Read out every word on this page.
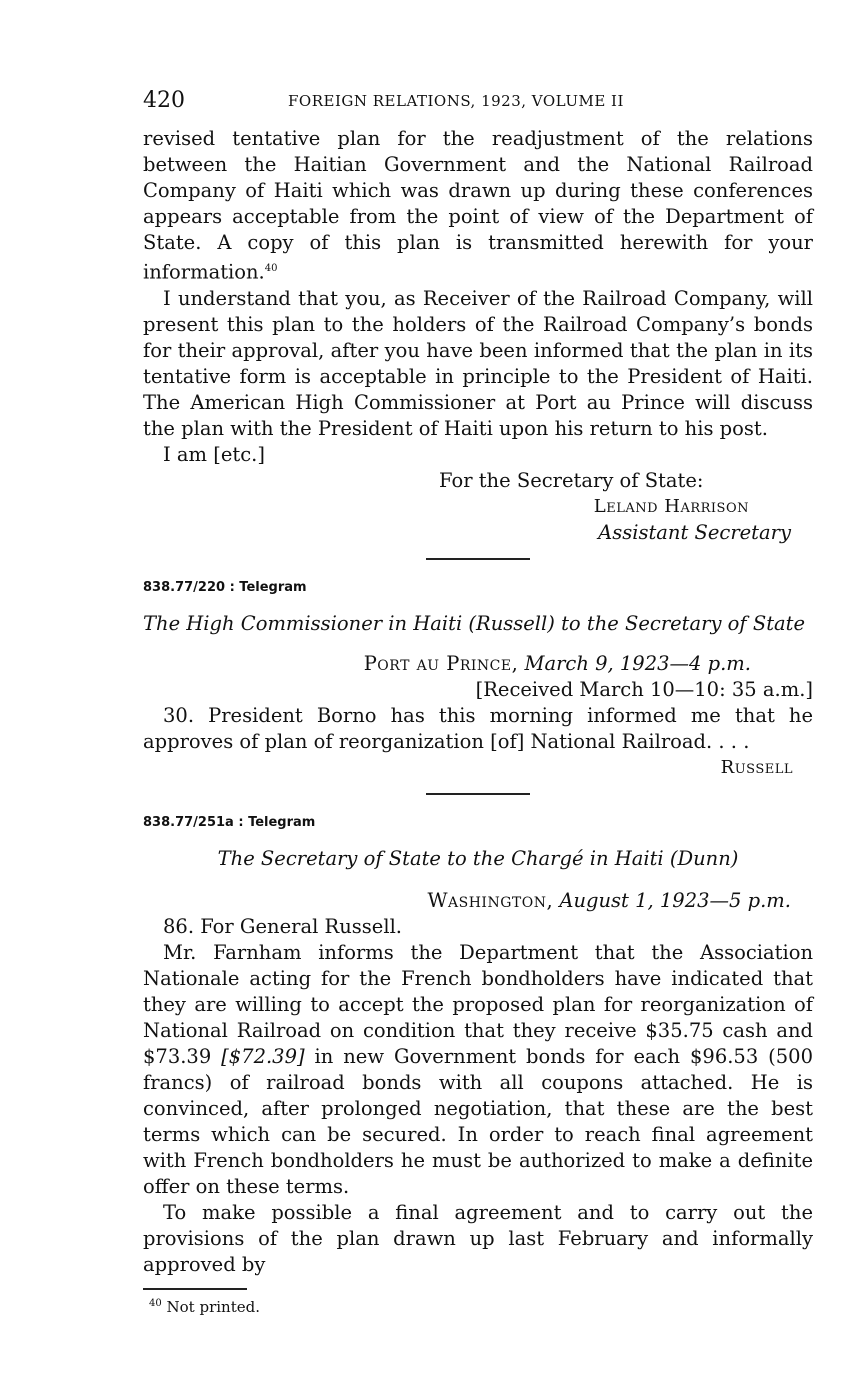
420	FOREIGN RELATIONS, 1923, VOLUME II

revised tentative plan for the readjustment of the relations between the Haitian Government and the National Railroad Company of Haiti which was drawn up during these conferences appears acceptable from the point of view of the Department of State. A copy of this plan is transmitted herewith for your information.$^{40}$

I understand that you, as Receiver of the Railroad Company, will present this plan to the holders of the Railroad Company’s bonds for their approval, after you have been informed that the plan in its tentative form is acceptable in principle to the President of Haiti. The American High Commissioner at Port au Prince will discuss the plan with the President of Haiti upon his return to his post.

I am [etc.]

For the Secretary of State:
Leland Harrison
Assistant Secretary
838.77/220 : Telegram
The High Commissioner in Haiti (Russell) to the Secretary of State
Port au Prince, March 9, 1923—4 p.m.
[Received March 10—10: 35 a.m.]

30. President Borno has this morning informed me that he approves of plan of reorganization [of] National Railroad. . . .

Russell
838.77/251a : Telegram
The Secretary of State to the Chargé in Haiti (Dunn)
Washington, August 1, 1923—5 p.m.

86. For General Russell.

Mr. Farnham informs the Department that the Association Nationale acting for the French bondholders have indicated that they are willing to accept the proposed plan for reorganization of National Railroad on condition that they receive $35.75 cash and $73.39 [$72.39] in new Government bonds for each $96.53 (500 francs) of railroad bonds with all coupons attached. He is convinced, after prolonged negotiation, that these are the best terms which can be secured. In order to reach final agreement with French bondholders he must be authorized to make a definite offer on these terms.

To make possible a final agreement and to carry out the provisions of the plan drawn up last February and informally approved by

$^{40}$ Not printed.
